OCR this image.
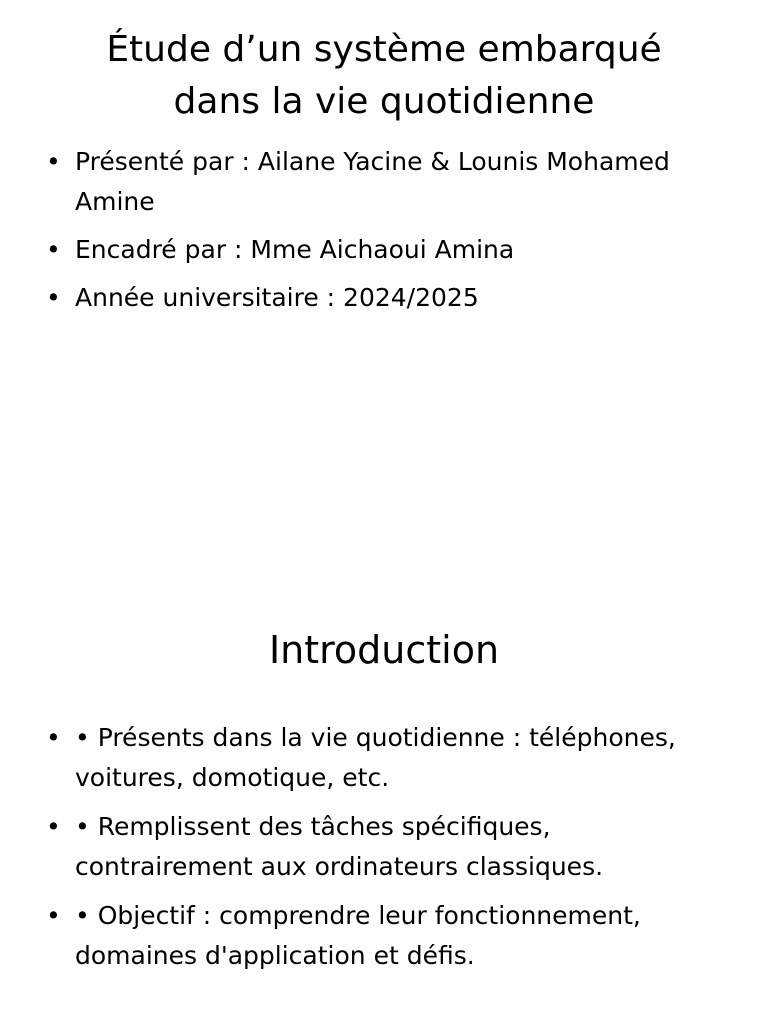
Étude d’un système embarqué
dans la vie quotidienne
• Présenté par : Ailane Yacine & Lounis Mohamed Amine
• Encadré par : Mme Aichaoui Amina
• Année universitaire : 2024/2025
Introduction
• • Présents dans la vie quotidienne : téléphones, voitures, domotique, etc.
• • Remplissent des tâches spécifiques, contrairement aux ordinateurs classiques.
• • Objectif : comprendre leur fonctionnement, domaines d'application et défis.
